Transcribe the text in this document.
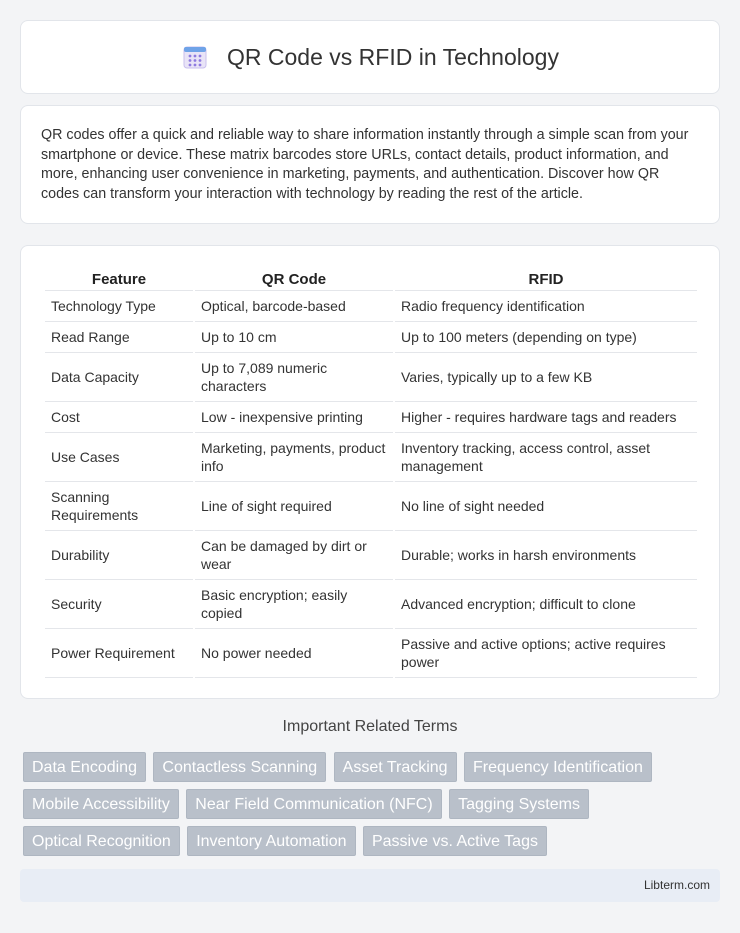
QR Code vs RFID in Technology

QR codes offer a quick and reliable way to share information instantly through a simple scan from your smartphone or device. These matrix barcodes store URLs, contact details, product information, and more, enhancing user convenience in marketing, payments, and authentication. Discover how QR codes can transform your interaction with technology by reading the rest of the article.

Feature	QR Code	RFID
Technology Type	Optical, barcode-based	Radio frequency identification
Read Range	Up to 10 cm	Up to 100 meters (depending on type)
Data Capacity	Up to 7,089 numeric characters	Varies, typically up to a few KB
Cost	Low - inexpensive printing	Higher - requires hardware tags and readers
Use Cases	Marketing, payments, product info	Inventory tracking, access control, asset management
Scanning Requirements	Line of sight required	No line of sight needed
Durability	Can be damaged by dirt or wear	Durable; works in harsh environments
Security	Basic encryption; easily copied	Advanced encryption; difficult to clone
Power Requirement	No power needed	Passive and active options; active requires power
Important Related Terms
Data Encoding Contactless Scanning Asset Tracking Frequency Identification Mobile Accessibility Near Field Communication (NFC) Tagging Systems Optical Recognition Inventory Automation Passive vs. Active Tags
Libterm.com
